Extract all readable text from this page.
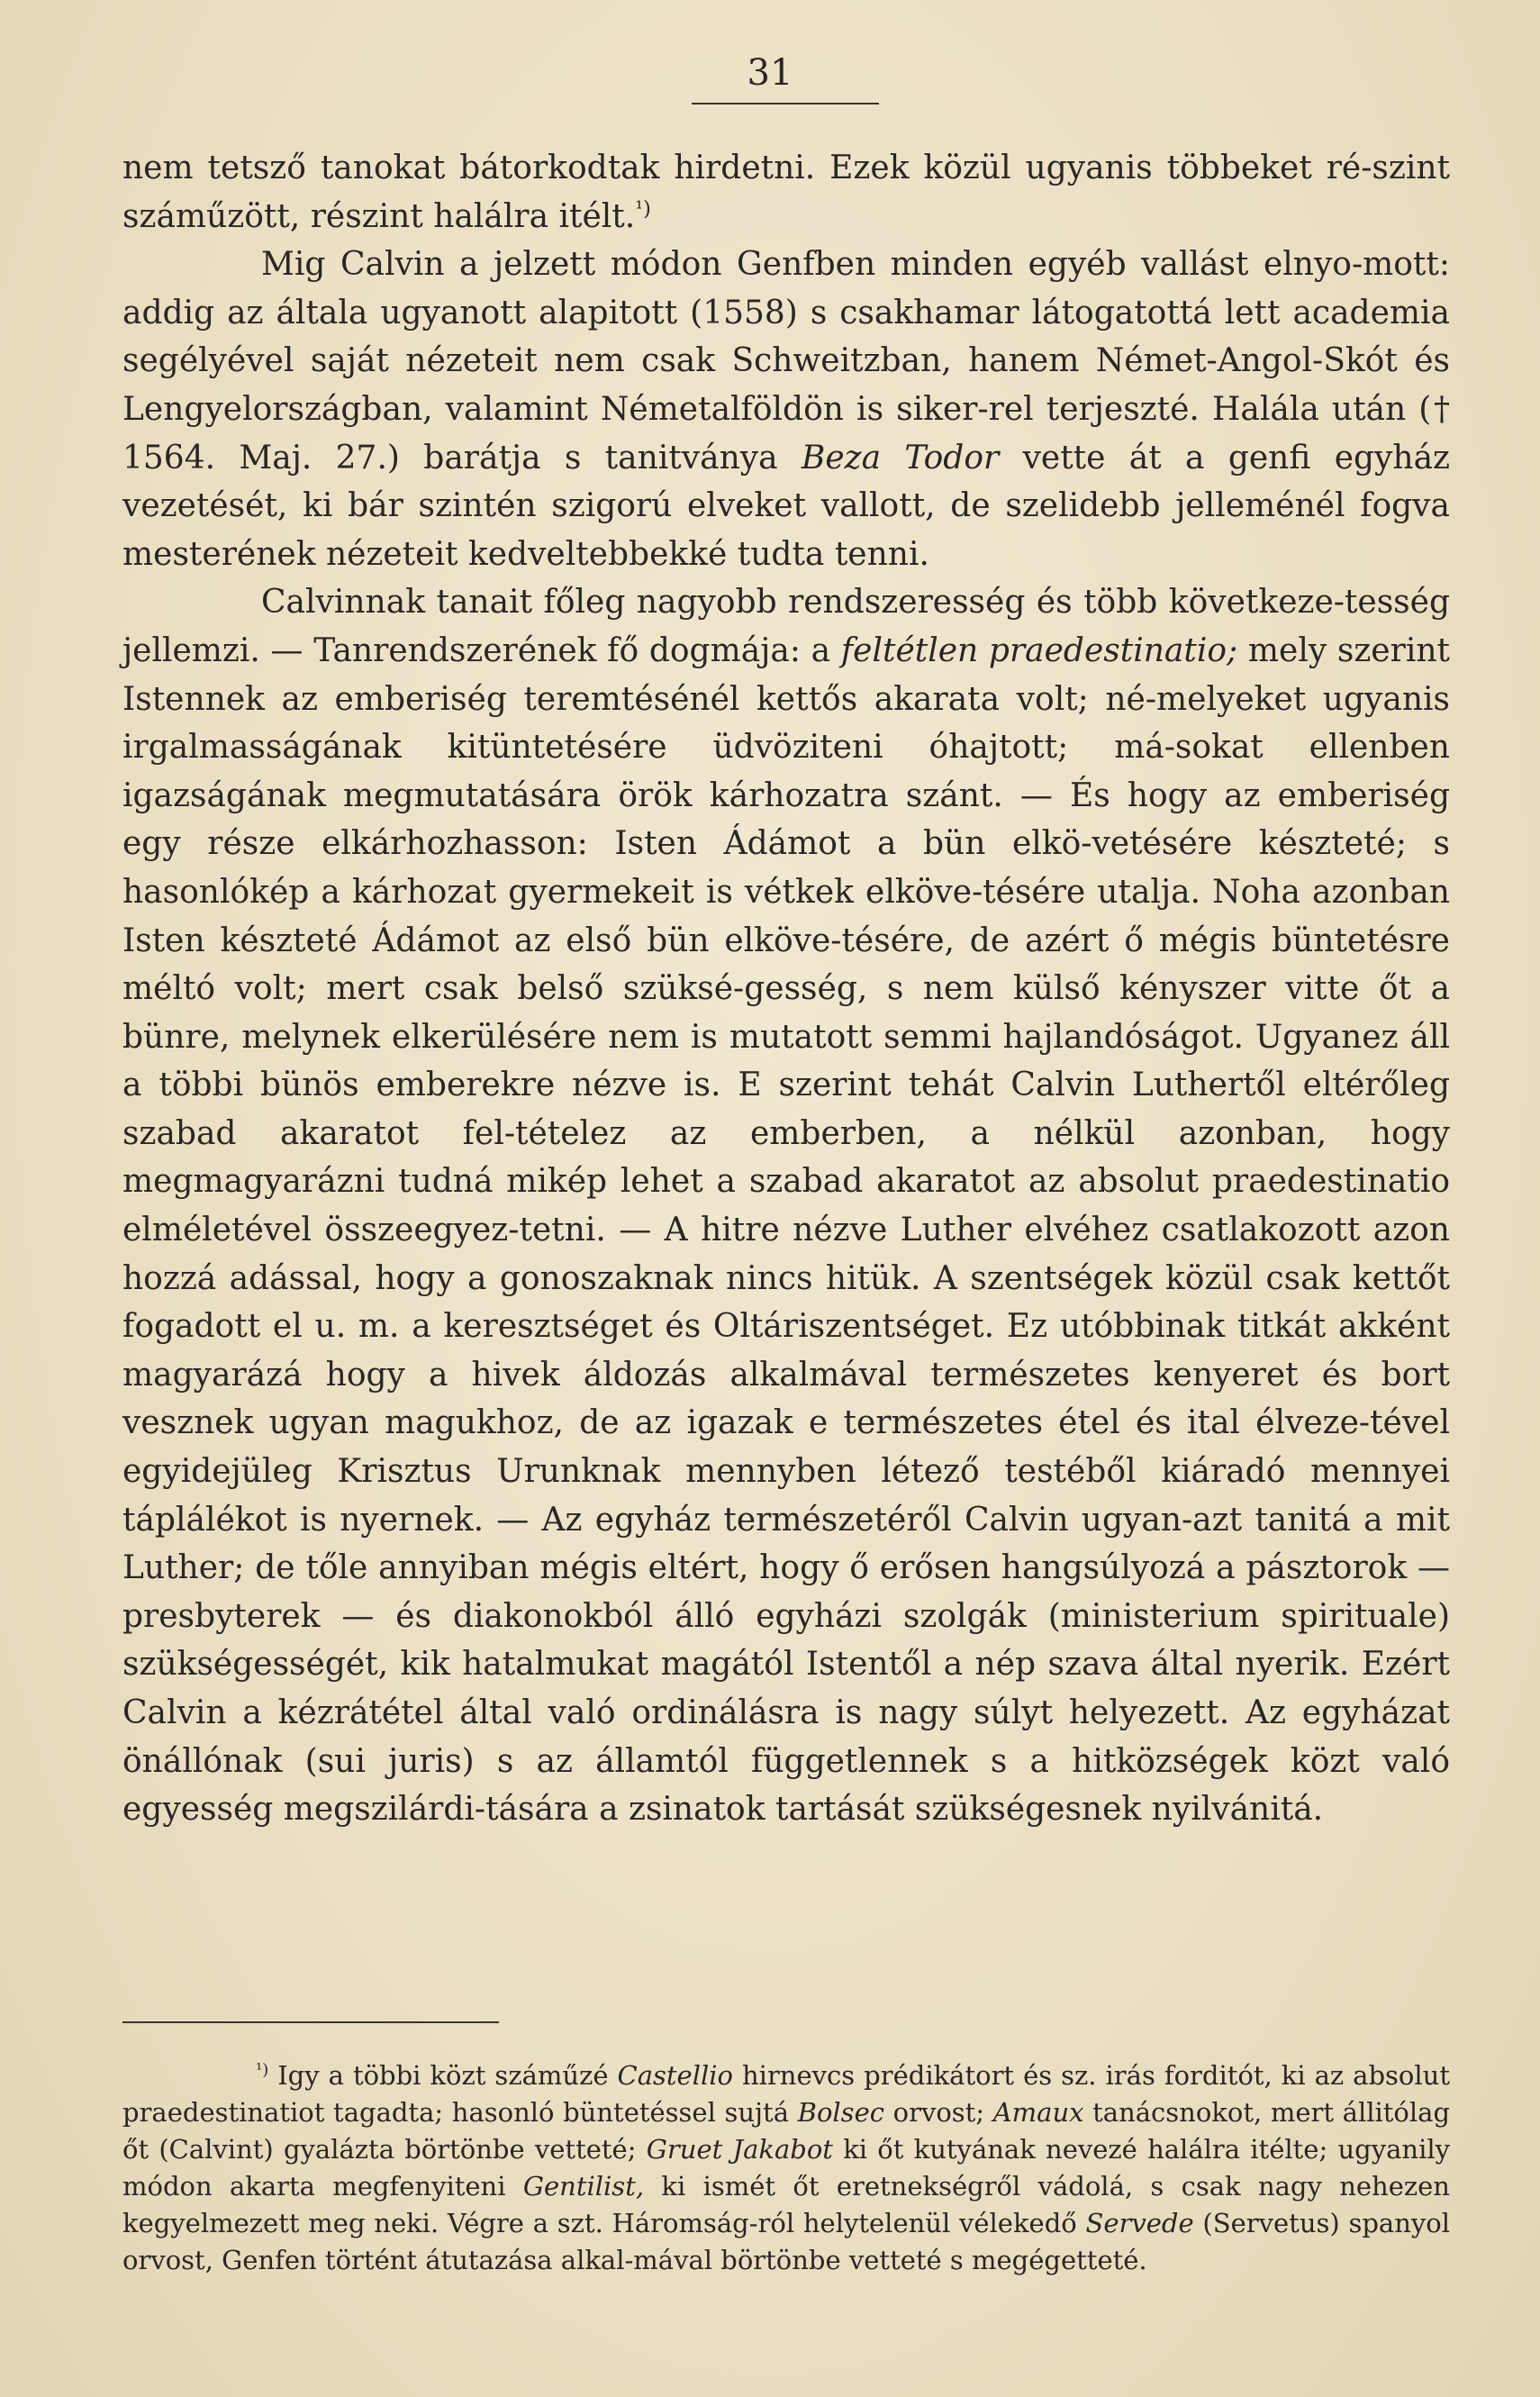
31

nem tetsző tanokat bátorkodtak hirdetni. Ezek közül ugyanis többeket ré-szint száműzött, részint halálra itélt.$^{^1)}$

Mig Calvin a jelzett módon Genfben minden egyéb vallást elnyo-mott: addig az általa ugyanott alapitott (1558) s csakhamar látogatottá lett academia segélyével saját nézeteit nem csak Schweitzban, hanem Német-Angol-Skót és Lengyelországban, valamint Németalföldön is siker-rel terjeszté. Halála után († 1564. Maj. 27.) barátja s tanitványa Beza Todor vette át a genfi egyház vezetését, ki bár szintén szigorú elveket vallott, de szelidebb jelleménél fogva mesterének nézeteit kedveltebbekké tudta tenni.

Calvinnak tanait főleg nagyobb rendszeresség és több következe-tesség jellemzi. — Tanrendszerének fő dogmája: a feltétlen praedestinatio; mely szerint Istennek az emberiség teremtésénél kettős akarata volt; né-melyeket ugyanis irgalmasságának kitüntetésére üdvöziteni óhajtott; má-sokat ellenben igazságának megmutatására örök kárhozatra szánt. — És hogy az emberiség egy része elkárhozhasson: Isten Ádámot a bün elkö-vetésére készteté; s hasonlókép a kárhozat gyermekeit is vétkek elköve-tésére utalja. Noha azonban Isten készteté Ádámot az első bün elköve-tésére, de azért ő mégis büntetésre méltó volt; mert csak belső szüksé-gesség, s nem külső kényszer vitte őt a bünre, melynek elkerülésére nem is mutatott semmi hajlandóságot. Ugyanez áll a többi bünös emberekre nézve is. E szerint tehát Calvin Luthertől eltérőleg szabad akaratot fel-tételez az emberben, a nélkül azonban, hogy megmagyarázni tudná mikép lehet a szabad akaratot az absolut praedestinatio elméletével összeegyez-tetni. — A hitre nézve Luther elvéhez csatlakozott azon hozzá adással, hogy a gonoszaknak nincs hitük. A szentségek közül csak kettőt fogadott el u. m. a keresztséget és Oltáriszentséget. Ez utóbbinak titkát akként magyarázá hogy a hivek áldozás alkalmával természetes kenyeret és bort vesznek ugyan magukhoz, de az igazak e természetes étel és ital élveze-tével egyidejüleg Krisztus Urunknak mennyben létező testéből kiáradó mennyei táplálékot is nyernek. — Az egyház természetéről Calvin ugyan-azt tanitá a mit Luther; de tőle annyiban mégis eltért, hogy ő erősen hangsúlyozá a pásztorok — presbyterek — és diakonokból álló egyházi szolgák (ministerium spirituale) szükségességét, kik hatalmukat magától Istentől a nép szava által nyerik. Ezért Calvin a kézrátétel által való ordinálásra is nagy súlyt helyezett. Az egyházat önállónak (sui juris) s az államtól függetlennek s a hitközségek közt való egyesség megszilárdi-tására a zsinatok tartását szükségesnek nyilvánitá.

$^{^1)}$ Igy a többi közt száműzé Castellio hirnevcs prédikátort és sz. irás forditót, ki az absolut praedestinatiot tagadta; hasonló büntetéssel sujtá Bolsec orvost; Amaux tanácsnokot, mert állitólag őt (Calvint) gyalázta börtönbe vetteté; Gruet Jakabot ki őt kutyának nevezé halálra itélte; ugyanily módon akarta megfenyiteni Gentilist, ki ismét őt eretnekségről vádolá, s csak nagy nehezen kegyelmezett meg neki. Végre a szt. Háromság-ról helytelenül vélekedő Servede (Servetus) spanyol orvost, Genfen történt átutazása alkal-mával börtönbe vetteté s megégetteté.
